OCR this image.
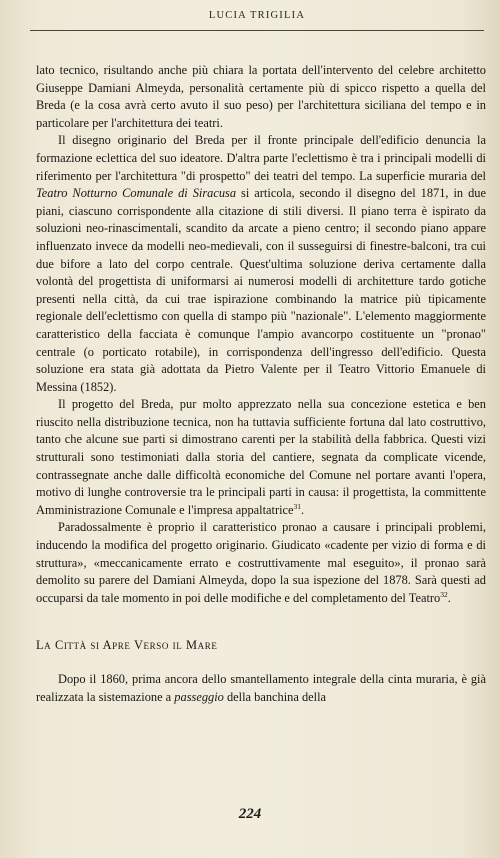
LUCIA TRIGILIA

lato tecnico, risultando anche più chiara la portata dell'intervento del celebre architetto Giuseppe Damiani Almeyda, personalità certamente più di spicco rispetto a quella del Breda (e la cosa avrà certo avuto il suo peso) per l'architettura siciliana del tempo e in particolare per l'architettura dei teatri.

Il disegno originario del Breda per il fronte principale dell'edificio denuncia la formazione eclettica del suo ideatore. D'altra parte l'eclettismo è tra i principali modelli di riferimento per l'architettura "di prospetto" dei teatri del tempo. La superficie muraria del Teatro Notturno Comunale di Siracusa si articola, secondo il disegno del 1871, in due piani, ciascuno corrispondente alla citazione di stili diversi. Il piano terra è ispirato da soluzioni neo-rinascimentali, scandito da arcate a pieno centro; il secondo piano appare influenzato invece da modelli neo-medievali, con il susseguirsi di finestre-balconi, tra cui due bifore a lato del corpo centrale. Quest'ultima soluzione deriva certamente dalla volontà del progettista di uniformarsi ai numerosi modelli di architetture tardo gotiche presenti nella città, da cui trae ispirazione combinando la matrice più tipicamente regionale dell'eclettismo con quella di stampo più "nazionale". L'elemento maggiormente caratteristico della facciata è comunque l'ampio avancorpo costituente un "pronao" centrale (o porticato rotabile), in corrispondenza dell'ingresso dell'edificio. Questa soluzione era stata già adottata da Pietro Valente per il Teatro Vittorio Emanuele di Messina (1852).

Il progetto del Breda, pur molto apprezzato nella sua concezione estetica e ben riuscito nella distribuzione tecnica, non ha tuttavia sufficiente fortuna dal lato costruttivo, tanto che alcune sue parti si dimostrano carenti per la stabilità della fabbrica. Questi vizi strutturali sono testimoniati dalla storia del cantiere, segnata da complicate vicende, contrassegnate anche dalle difficoltà economiche del Comune nel portare avanti l'opera, motivo di lunghe controversie tra le principali parti in causa: il progettista, la committente Amministrazione Comunale e l'impresa appaltatrice$^{31}$.

Paradossalmente è proprio il caratteristico pronao a causare i principali problemi, inducendo la modifica del progetto originario. Giudicato «cadente per vizio di forma e di struttura», «meccanicamente errato e costruttivamente mal eseguito», il pronao sarà demolito su parere del Damiani Almeyda, dopo la sua ispezione del 1878. Sarà questi ad occuparsi da tale momento in poi delle modifiche e del completamento del Teatro$^{32}$.

La Città si Apre Verso il Mare

Dopo il 1860, prima ancora dello smantellamento integrale della cinta muraria, è già realizzata la sistemazione a passeggio della banchina della

224
